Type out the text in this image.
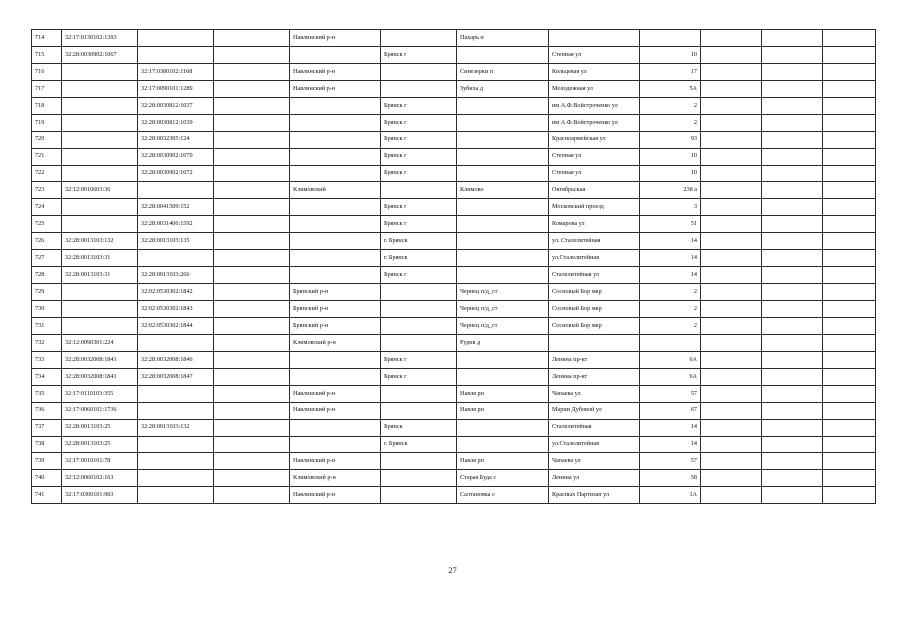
714	32:17:0130102:1393			Навлинский р-н		Пахарь п					
715	32:28:0030902:1067				Брянск г		Степная ул	10			
716		32:17:0380102:1168		Навлинский р-н		Синезерки п	Кольцевая ул	17			
717		32:17:0090101:1289		Навлинский р-н		Зубиха д	Молодежная ул	5А			
718		32:28:0030812:1037			Брянск г		им А.Ф.Войстроченко ул	2			
719		32:28:0030812:1039			Брянск г		им А.Ф.Войстроченко ул	2			
720		32:28:0032305:124			Брянск г		Красноармейская ул	93			
721		32:28:0030902:1070			Брянск г		Степная ул	10			
722		32:28:0030902:1072			Брянск г		Степная ул	10			
723	32:12:0010603:36			Климовский		Климово	Октябрьская	238 а			
724		32:28:0041509:152			Брянск г		Московский проезд	3			
725		32:28:0031406:1592			Брянск г		Комарова ул	51			
726	32:28:0013103:132	32:28:0013103:135			г. Брянск		ул. Сталелитейная	14			
727	32:28:0013103:31				г. Брянск		ул.Сталелитейная	14			
728	32:28:0013103:31	32:28:0013103:266			Брянск г		Сталелитейная ул	14			
729		32:02:0530302:1842		Брянский р-н		Чернец п/д_ст	Сосновый Бор мкр	2			
730		32:02:0530302:1843		Брянский р-н		Чернец п/д_ст	Сосновый Бор мкр	2			
731		32:02:0530302:1844		Брянский р-н		Чернец п/д_ст	Сосновый Бор мкр	2			
732	32:12:0090301:224			Климовский р-н		Рудня д					
733	32:28:0032008:1841	32:28:0032008:1846			Брянск г		Ленина пр-кт	6А			
734	32:28:0032008:1841	32:28:0032008:1847			Брянск г		Ленина пр-кт	6А			
735	32:17:0110103:355			Навлинский р-н		Навля рп	Чапаева ул	57			
736	32:17:0060101:1736			Навлинский р-н		Навля рп	Марии Дубовой ул	67			
737	32:28:0013103:25	32:28:0013103:132			Брянск		Сталелитейная	14			
738	32:28:0013103:25				г. Брянск		ул.Сталелитейная	14			
739	32:17:0010101:78			Навлинский р-н		Навля рп	Чапаева ул	57			
740	32:12:0060102:163			Климовский р-н		Старая Буда с	Ленина ул	58			
741	32:17:0300101:903			Навлинский р-н		Салтановка с	Красных Партизан ул	1А			
27
